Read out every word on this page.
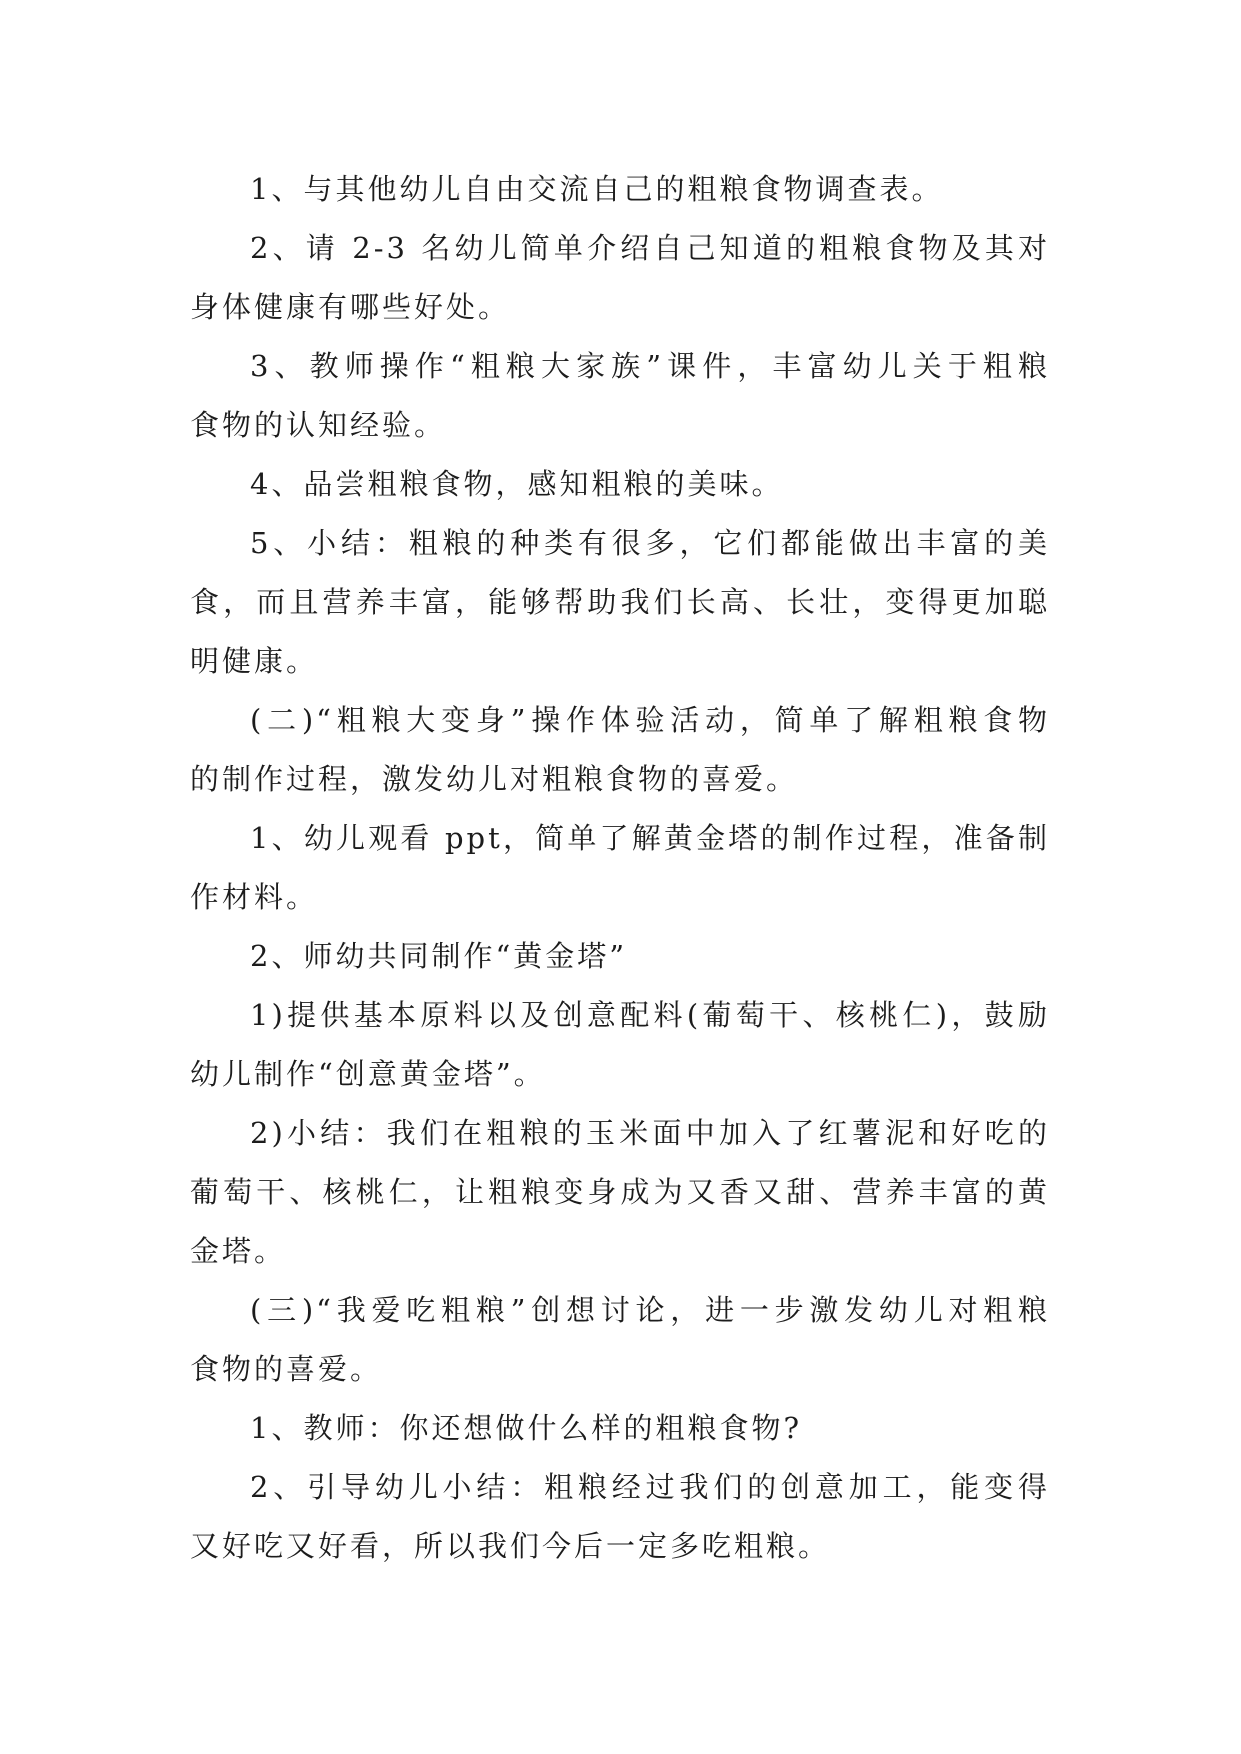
1、与其他幼儿自由交流自己的粗粮食物调查表。
2、请 2-3 名幼儿简单介绍自己知道的粗粮食物及其对
身体健康有哪些好处。
3、教师操作“粗粮大家族”课件，丰富幼儿关于粗粮
食物的认知经验。
4、品尝粗粮食物，感知粗粮的美味。
5、小结：粗粮的种类有很多，它们都能做出丰富的美
食，而且营养丰富，能够帮助我们长高、长壮，变得更加聪
明健康。
(二)“粗粮大变身”操作体验活动，简单了解粗粮食物
的制作过程，激发幼儿对粗粮食物的喜爱。
1、幼儿观看 ppt，简单了解黄金塔的制作过程，准备制
作材料。
2、师幼共同制作“黄金塔”
1)提供基本原料以及创意配料(葡萄干、核桃仁)，鼓励
幼儿制作“创意黄金塔”。
2)小结：我们在粗粮的玉米面中加入了红薯泥和好吃的
葡萄干、核桃仁，让粗粮变身成为又香又甜、营养丰富的黄
金塔。
(三)“我爱吃粗粮”创想讨论，进一步激发幼儿对粗粮
食物的喜爱。
1、教师：你还想做什么样的粗粮食物?
2、引导幼儿小结：粗粮经过我们的创意加工，能变得
又好吃又好看，所以我们今后一定多吃粗粮。
